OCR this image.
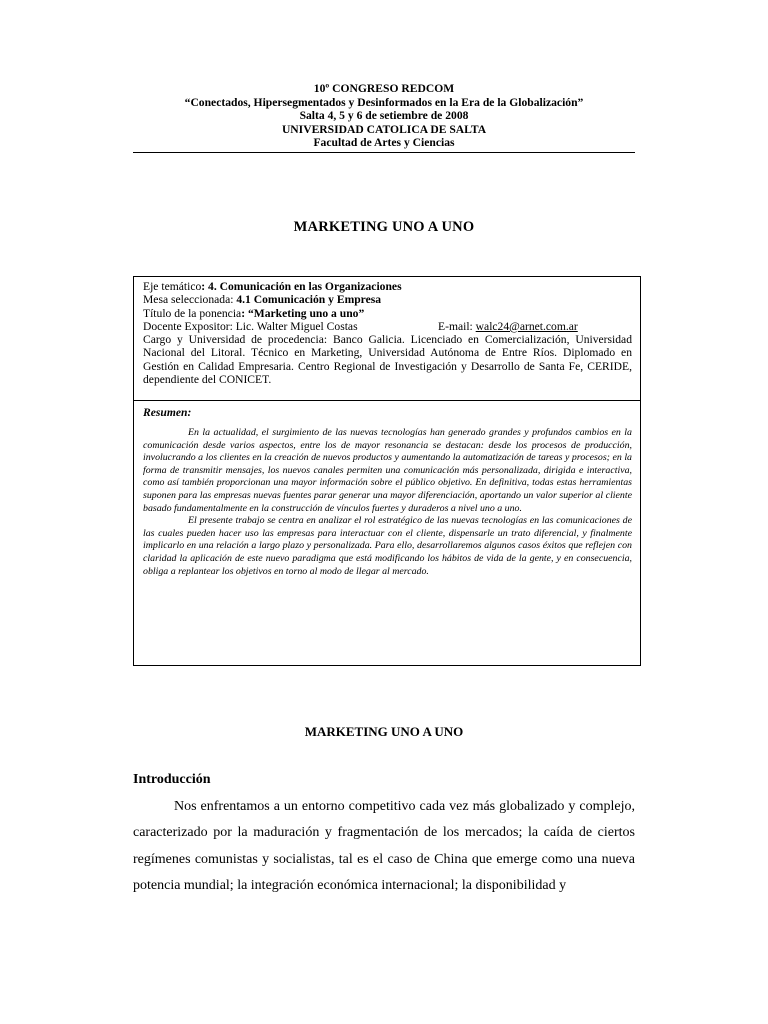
10º CONGRESO REDCOM
“Conectados, Hipersegmentados y Desinformados en la Era de la Globalización”
Salta 4, 5 y 6 de setiembre de 2008
UNIVERSIDAD CATOLICA DE SALTA
Facultad de Artes y Ciencias
MARKETING UNO A UNO
Eje temático: 4. Comunicación en las Organizaciones
Mesa seleccionada: 4.1 Comunicación y Empresa
Título de la ponencia: “Marketing uno a uno”
Docente Expositor: Lic. Walter Miguel Costas	E-mail: walc24@arnet.com.ar
Cargo y Universidad de procedencia: Banco Galicia. Licenciado en Comercialización, Universidad Nacional del Litoral. Técnico en Marketing, Universidad Autónoma de Entre Ríos. Diplomado en Gestión en Calidad Empresaria. Centro Regional de Investigación y Desarrollo de Santa Fe, CERIDE, dependiente del CONICET.
Resumen:

En la actualidad, el surgimiento de las nuevas tecnologías han generado grandes y profundos cambios en la comunicación desde varios aspectos, entre los de mayor resonancia se destacan: desde los procesos de producción, involucrando a los clientes en la creación de nuevos productos y aumentando la automatización de tareas y procesos; en la forma de transmitir mensajes, los nuevos canales permiten una comunicación más personalizada, dirigida e interactiva, como así también proporcionan una mayor información sobre el público objetivo. En definitiva, todas estas herramientas suponen para las empresas nuevas fuentes parar generar una mayor diferenciación, aportando un valor superior al cliente basado fundamentalmente en la construcción de vínculos fuertes y duraderos a nivel uno a uno.

El presente trabajo se centra en analizar el rol estratégico de las nuevas tecnologías en las comunicaciones de las cuales pueden hacer uso las empresas para interactuar con el cliente, dispensarle un trato diferencial, y finalmente implicarlo en una relación a largo plazo y personalizada. Para ello, desarrollaremos algunos casos éxitos que reflejen con claridad la aplicación de este nuevo paradigma que está modificando los hábitos de vida de la gente, y en consecuencia, obliga a replantear los objetivos en torno al modo de llegar al mercado.

MARKETING UNO A UNO
Introducción

Nos enfrentamos a un entorno competitivo cada vez más globalizado y complejo, caracterizado por la maduración y fragmentación de los mercados; la caída de ciertos regímenes comunistas y socialistas, tal es el caso de China que emerge como una nueva potencia mundial; la integración económica internacional; la disponibilidad y
